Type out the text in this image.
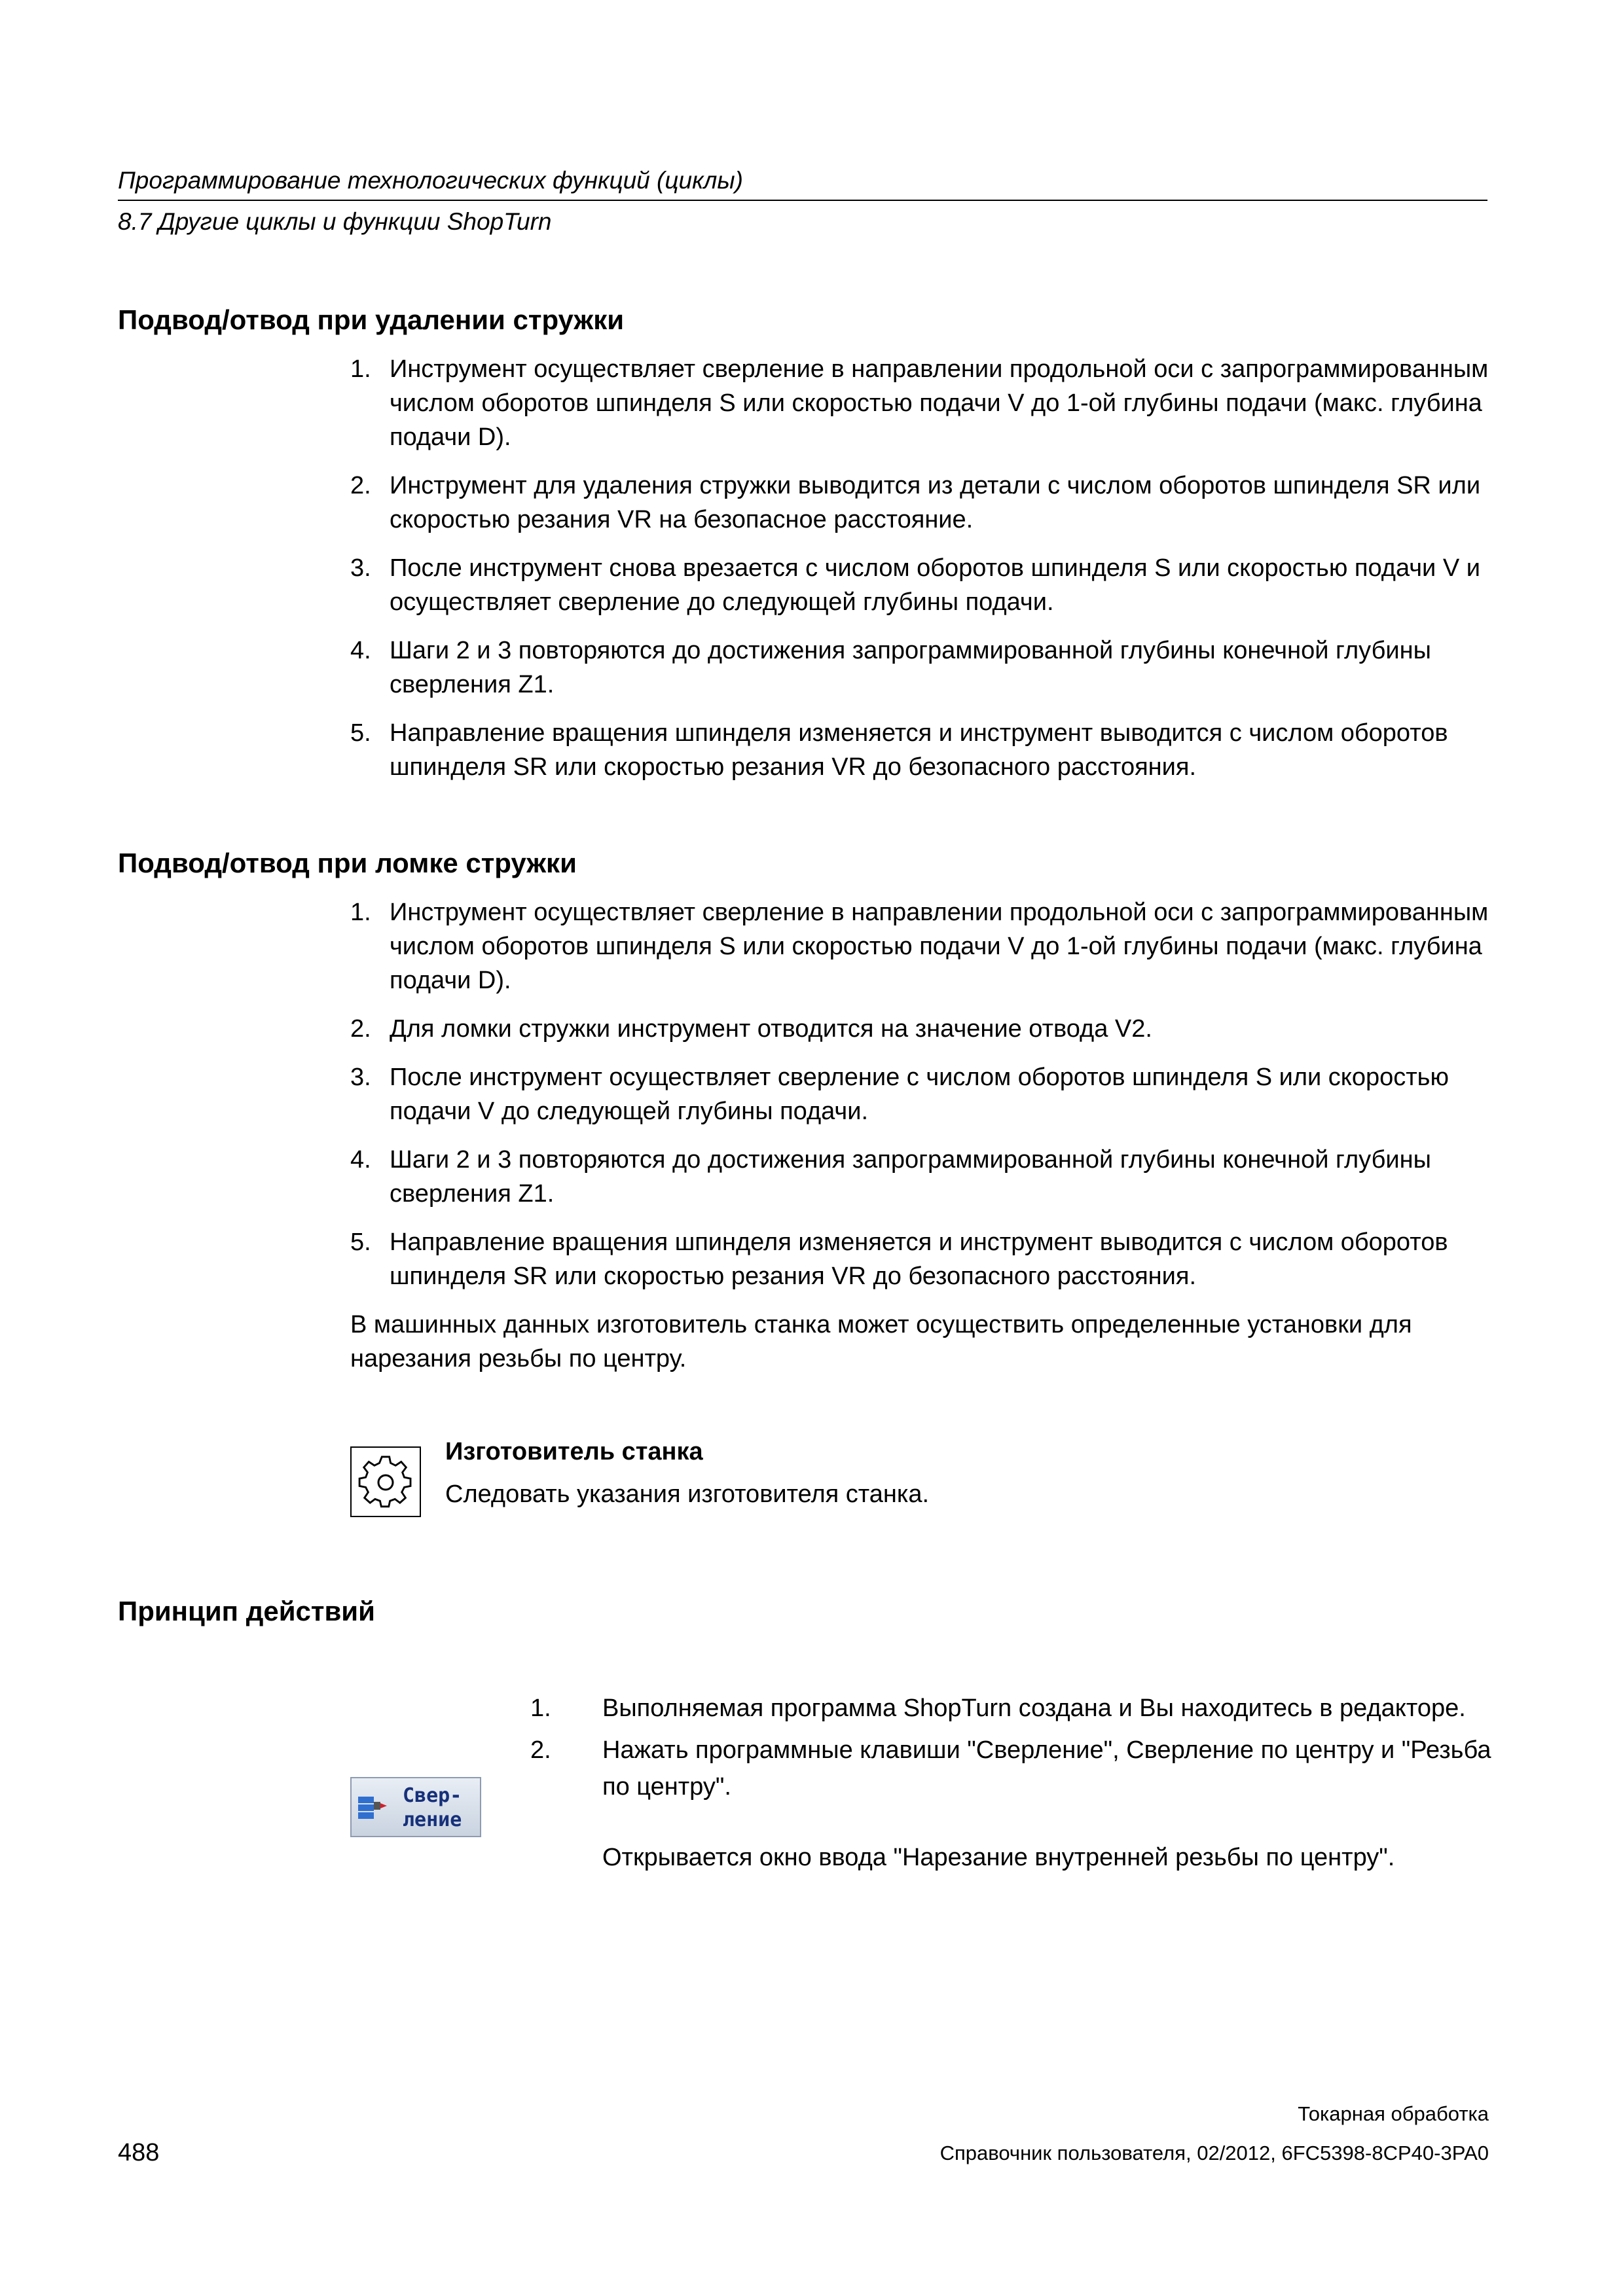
Программирование технологических функций (циклы)
8.7 Другие циклы и функции ShopTurn
Подвод/отвод при удалении стружки
1. Инструмент осуществляет сверление в направлении продольной оси с запрограммированным числом оборотов шпинделя S или скоростью подачи V до 1-ой глубины подачи (макс. глубина подачи D).
2. Инструмент для удаления стружки выводится из детали с числом оборотов шпинделя SR или скоростью резания VR на безопасное расстояние.
3. После инструмент снова врезается с числом оборотов шпинделя S или скоростью подачи V и осуществляет сверление до следующей глубины подачи.
4. Шаги 2 и 3 повторяются до достижения запрограммированной глубины конечной глубины сверления Z1.
5. Направление вращения шпинделя изменяется и инструмент выводится с числом оборотов шпинделя SR или скоростью резания VR до безопасного расстояния.
Подвод/отвод при ломке стружки
1. Инструмент осуществляет сверление в направлении продольной оси с запрограммированным числом оборотов шпинделя S или скоростью подачи V до 1-ой глубины подачи (макс. глубина подачи D).
2. Для ломки стружки инструмент отводится на значение отвода V2.
3. После инструмент осуществляет сверление с числом оборотов шпинделя S или скоростью подачи V до следующей глубины подачи.
4. Шаги 2 и 3 повторяются до достижения запрограммированной глубины конечной глубины сверления Z1.
5. Направление вращения шпинделя изменяется и инструмент выводится с числом оборотов шпинделя SR или скоростью резания VR до безопасного расстояния.
В машинных данных изготовитель станка может осуществить определенные установки для нарезания резьбы по центру.
Изготовитель станка
Следовать указания изготовителя станка.
Принцип действий
Свер-
ление
1. Выполняемая программа ShopTurn создана и Вы находитесь в редакторе.
2. Нажать программные клавиши "Сверление", Сверление по центру и "Резьба по центру".
Открывается окно ввода "Нарезание внутренней резьбы по центру".
Токарная обработка
488	Справочник пользователя, 02/2012, 6FC5398-8CP40-3PA0
